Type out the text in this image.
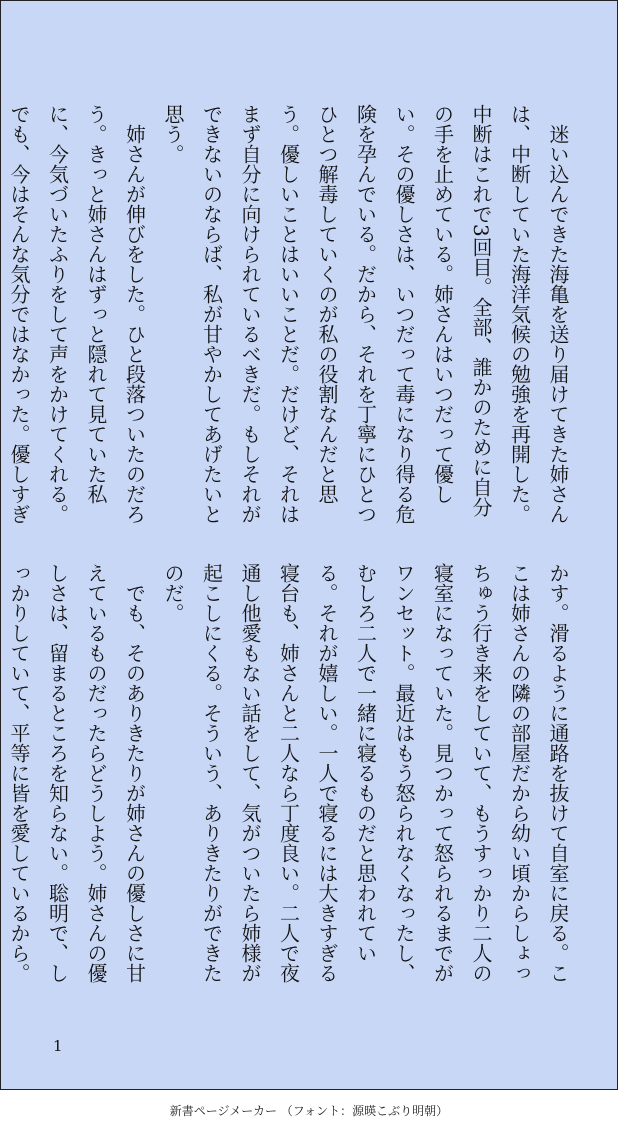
迷い込んできた海亀を送り届けてきた姉さんは、中断していた海洋気候の勉強を再開した。中断はこれで3回目。全部、誰かのために自分の手を止めている。姉さんはいつだって優しい。その優しさは、いつだって毒になり得る危険を孕んでいる。だから、それを丁寧にひとつひとつ解毒していくのが私の役割なんだと思う。優しいことはいいことだ。だけど、それはまず自分に向けられているべきだ。もしそれができないのならば、私が甘やかしてあげたいと思う。

姉さんが伸びをした。ひと段落ついたのだろう。きっと姉さんはずっと隠れて見ていた私に、今気づいたふりをして声をかけてくれる。でも、今はそんな気分ではなかった。優しすぎ

かす。滑るように通路を抜けて自室に戻る。ここは姉さんの隣の部屋だから幼い頃からしょっちゅう行き来をしていて、もうすっかり二人の寝室になっていた。見つかって怒られるまでがワンセット。最近はもう怒られなくなったし、むしろ二人で一緒に寝るものだと思われている。それが嬉しい。一人で寝るには大きすぎる寝台も、姉さんと二人なら丁度良い。二人で夜通し他愛もない話をして、気がついたら姉様が起こしにくる。そういう、ありきたりができたのだ。

でも、そのありきたりが姉さんの優しさに甘えているものだったらどうしよう。姉さんの優しさは、留まるところを知らない。聡明で、しっかりしていて、平等に皆を愛しているから。

1
新書ページメーカー （フォント：源暎こぶり明朝）
